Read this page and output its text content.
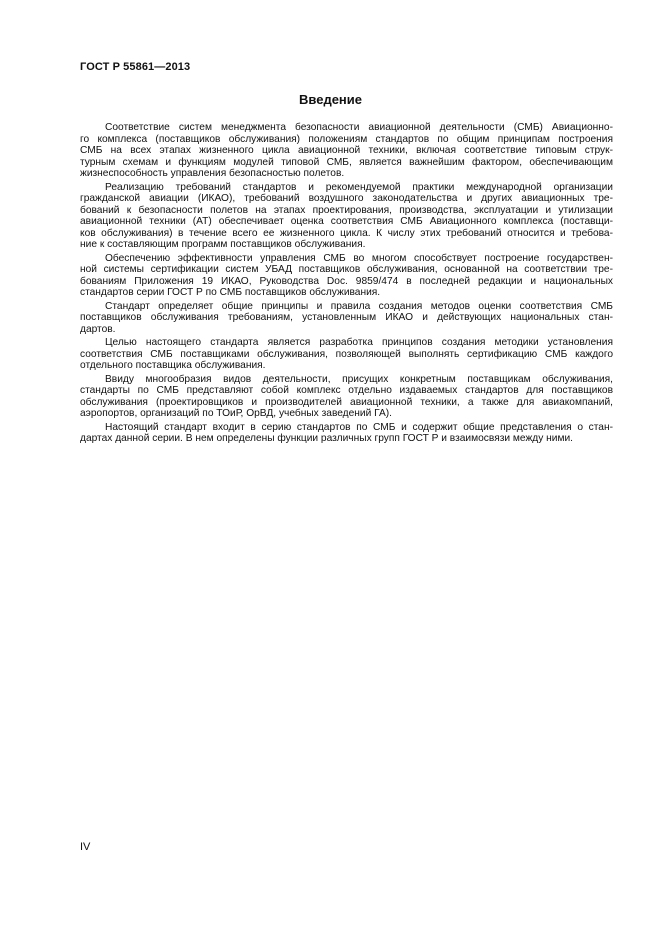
ГОСТ Р 55861—2013
Введение
Соответствие систем менеджмента безопасности авиационной деятельности (СМБ) Авиационно-
го комплекса (поставщиков обслуживания) положениям стандартов по общим принципам построения
СМБ на всех этапах жизненного цикла авиационной техники, включая соответствие типовым струк-
турным схемам и функциям модулей типовой СМБ, является важнейшим фактором, обеспечивающим
жизнеспособность управления безопасностью полетов.
Реализацию требований стандартов и рекомендуемой практики международной организации
гражданской авиации (ИКАО), требований воздушного законодательства и других авиационных тре-
бований к безопасности полетов на этапах проектирования, производства, эксплуатации и утилизации
авиационной техники (АТ) обеспечивает оценка соответствия СМБ Авиационного комплекса (поставщи-
ков обслуживания) в течение всего ее жизненного цикла. К числу этих требований относится и требова-
ние к составляющим программ поставщиков обслуживания.
Обеспечению эффективности управления СМБ во многом способствует построение государствен-
ной системы сертификации систем УБАД поставщиков обслуживания, основанной на соответствии тре-
бованиям Приложения 19 ИКАО, Руководства Doc. 9859/474 в последней редакции и национальных
стандартов серии ГОСТ Р по СМБ поставщиков обслуживания.
Стандарт определяет общие принципы и правила создания методов оценки соответствия СМБ
поставщиков обслуживания требованиям, установленным ИКАО и действующих национальных стан-
дартов.
Целью настоящего стандарта является разработка принципов создания методики установления
соответствия СМБ поставщиками обслуживания, позволяющей выполнять сертификацию СМБ каждого
отдельного поставщика обслуживания.
Ввиду многообразия видов деятельности, присущих конкретным поставщикам обслуживания,
стандарты по СМБ представляют собой комплекс отдельно издаваемых стандартов для поставщиков
обслуживания (проектировщиков и производителей авиационной техники, а также для авиакомпаний,
аэропортов, организаций по ТОиР, ОрВД, учебных заведений ГА).
Настоящий стандарт входит в серию стандартов по СМБ и содержит общие представления о стан-
дартах данной серии. В нем определены функции различных групп ГОСТ Р и взаимосвязи между ними.
IV
